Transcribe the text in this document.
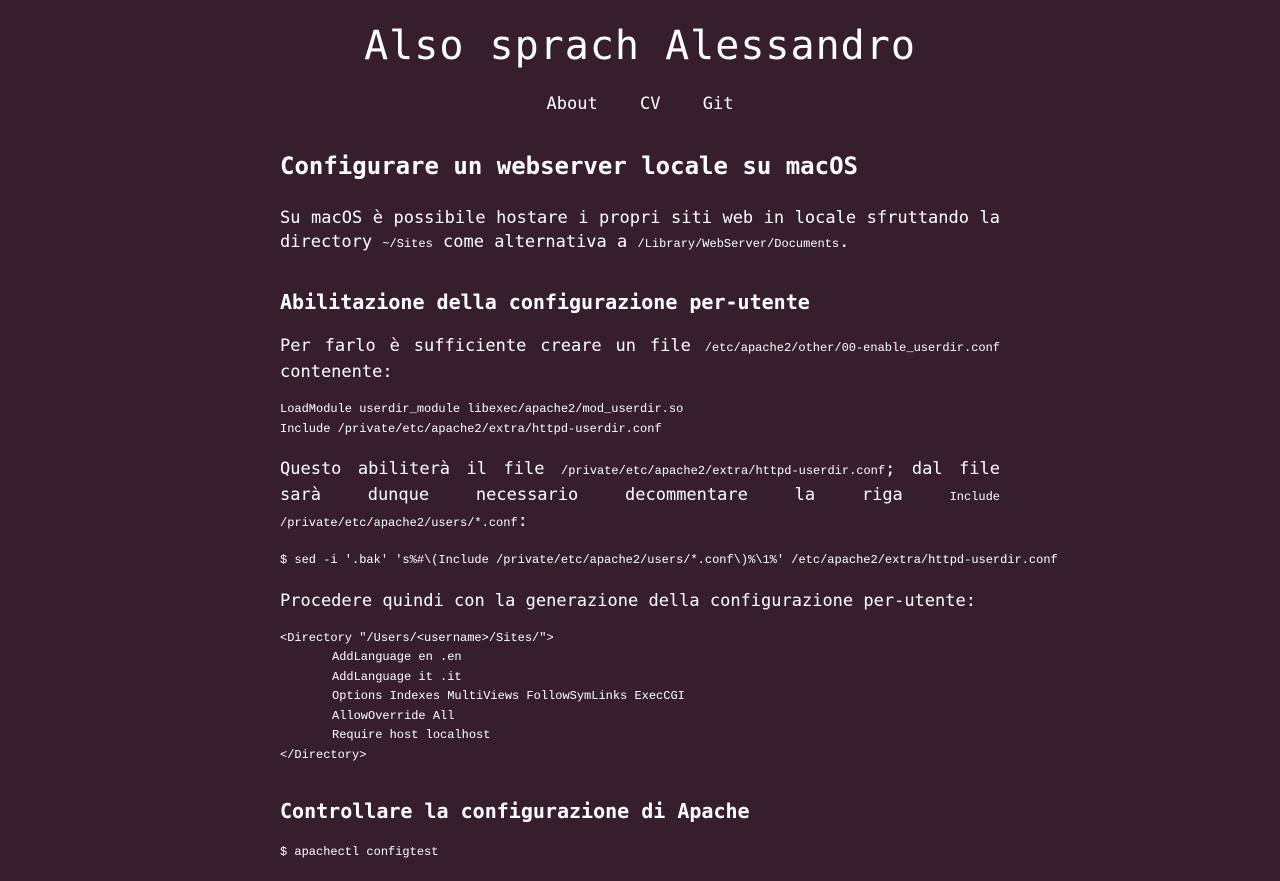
Also sprach Alessandro
About CV Git
Configurare un webserver locale su macOS

Su macOS è possibile hostare i propri siti web in locale sfruttando la directory ~/Sites come alternativa a /Library/WebServer/Documents.

Abilitazione della configurazione per-utente

Per farlo è sufficiente creare un file /etc/apache2/other/00-enable_userdir.conf contenente:

LoadModule userdir_module libexec/apache2/mod_userdir.so
Include /private/etc/apache2/extra/httpd-userdir.conf

Questo abiliterà il file /private/etc/apache2/extra/httpd-userdir.conf; dal file sarà dunque necessario decommentare la riga Include /private/etc/apache2/users/*.conf:

$ sed -i '.bak' 's%#\(Include /private/etc/apache2/users/*.conf\)%\1%' /etc/apache2/extra/httpd-userdir.conf

Procedere quindi con la generazione della configurazione per-utente:

<Directory "/Users/<username>/Sites/">
AddLanguage en .en
AddLanguage it .it
Options Indexes MultiViews FollowSymLinks ExecCGI
AllowOverride All
Require host localhost
</Directory>
Controllare la configurazione di Apache
$ apachectl configtest
